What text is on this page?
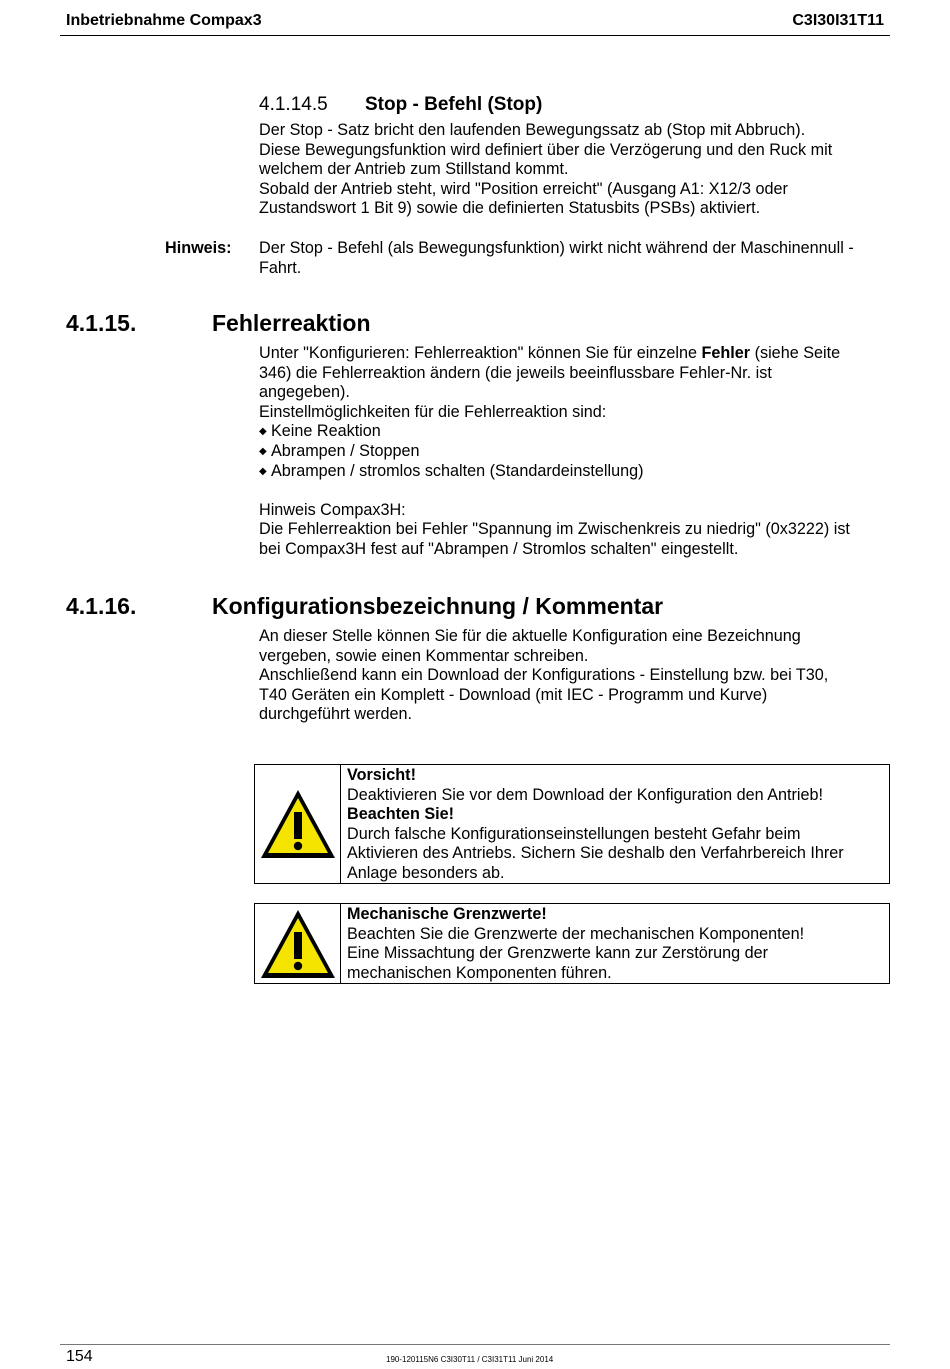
Inbetriebnahme Compax3	C3I30I31T11
4.1.14.5 Stop - Befehl (Stop)

Der Stop - Satz bricht den laufenden Bewegungssatz ab (Stop mit Abbruch).

Diese Bewegungsfunktion wird definiert über die Verzögerung und den Ruck mit

welchem der Antrieb zum Stillstand kommt.

Sobald der Antrieb steht, wird "Position erreicht" (Ausgang A1: X12/3 oder

Zustandswort 1 Bit 9) sowie die definierten Statusbits (PSBs) aktiviert.

Hinweis: Der Stop - Befehl (als Bewegungsfunktion) wirkt nicht während der Maschinennull -

Fahrt.

4.1.15.	Fehlerreaktion

Unter "Konfigurieren: Fehlerreaktion" können Sie für einzelne Fehler (siehe Seite

346) die Fehlerreaktion ändern (die jeweils beeinflussbare Fehler-Nr. ist

angegeben).

Einstellmöglichkeiten für die Fehlerreaktion sind:

◆ Keine Reaktion
◆ Abrampen / Stoppen
◆ Abrampen / stromlos schalten (Standardeinstellung)

Hinweis Compax3H:

Die Fehlerreaktion bei Fehler "Spannung im Zwischenkreis zu niedrig" (0x3222) ist

bei Compax3H fest auf "Abrampen / Stromlos schalten" eingestellt.

4.1.16.	Konfigurationsbezeichnung / Kommentar

An dieser Stelle können Sie für die aktuelle Konfiguration eine Bezeichnung

vergeben, sowie einen Kommentar schreiben.

Anschließend kann ein Download der Konfigurations - Einstellung bzw. bei T30,

T40 Geräten ein Komplett - Download (mit IEC - Programm und Kurve)

durchgeführt werden.

Vorsicht!
Deaktivieren Sie vor dem Download der Konfiguration den Antrieb!
Beachten Sie!
Durch falsche Konfigurationseinstellungen besteht Gefahr beim
Aktivieren des Antriebs. Sichern Sie deshalb den Verfahrbereich Ihrer
Anlage besonders ab.
Mechanische Grenzwerte!
Beachten Sie die Grenzwerte der mechanischen Komponenten!
Eine Missachtung der Grenzwerte kann zur Zerstörung der
mechanischen Komponenten führen.
154	190-120115N6 C3I30T11 / C3I31T11 Juni 2014
